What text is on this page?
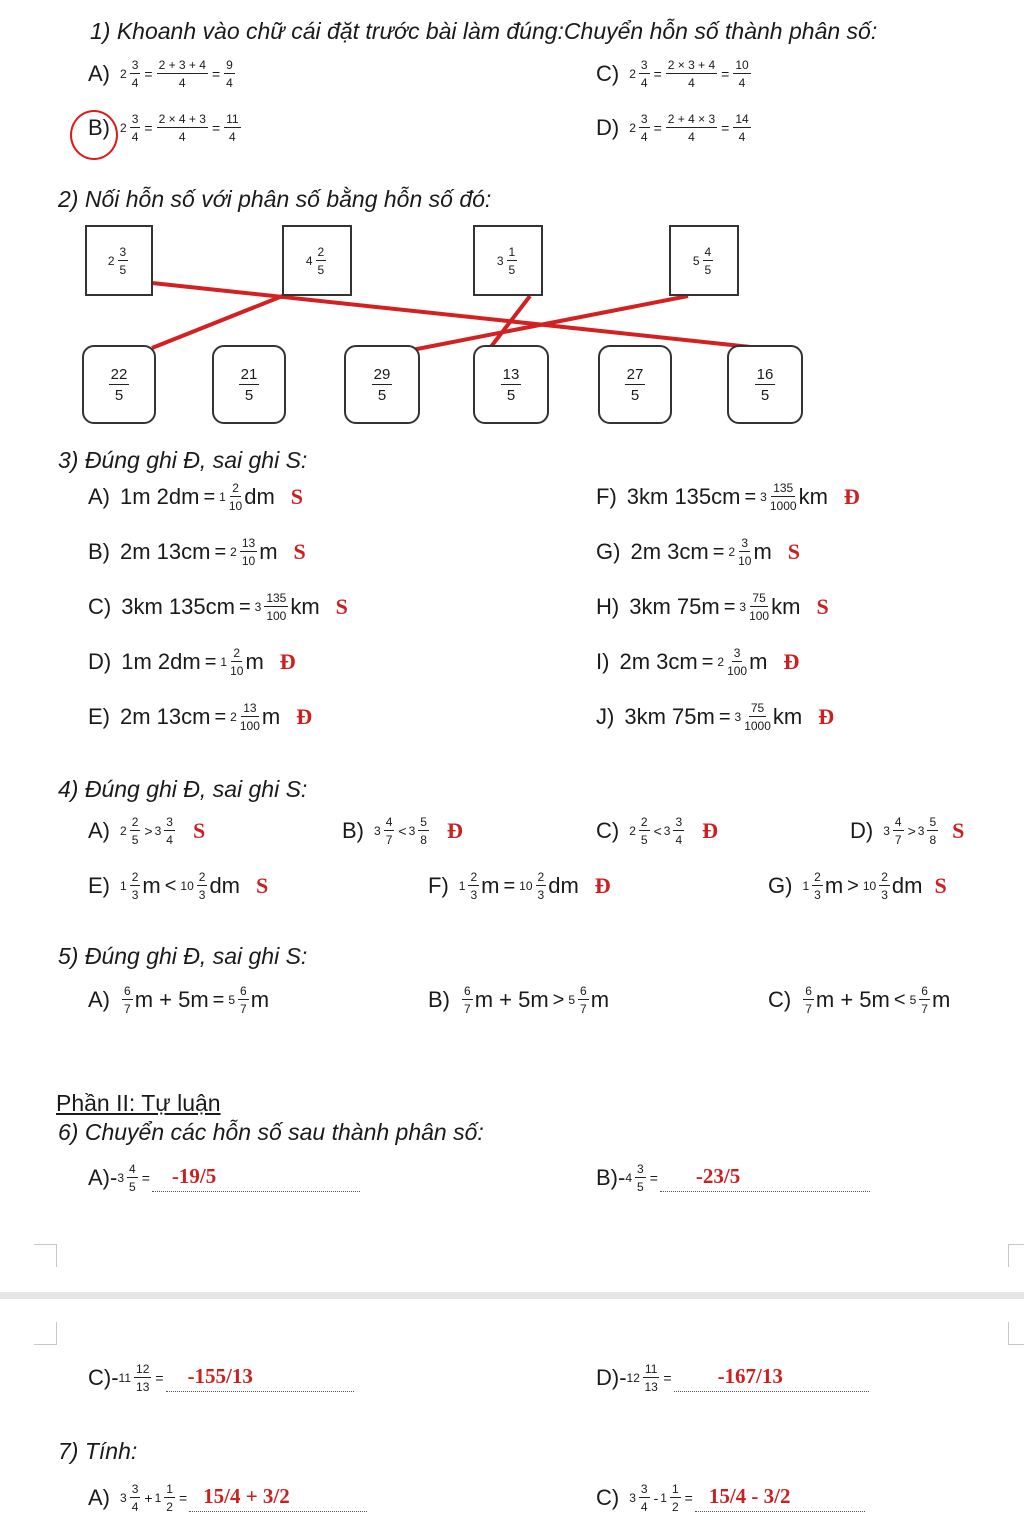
1) Khoanh vào chữ cái đặt trước bài làm đúng:Chuyển hỗn số thành phân số:
A) $2 \frac{3}{4} = \frac{2 + 3 + 4}{4} = \frac{9}{4}$
B) $2 \frac{3}{4} = \frac{2 \times 4 + 3}{4} = \frac{11}{4}$
C) $2 \frac{3}{4} = \frac{2 \times 3 + 4}{4} = \frac{10}{4}$
D) $2 \frac{3}{4} = \frac{2 + 4 \times 3}{4} = \frac{14}{4}$
2) Nối hỗn số với phân số bằng hỗn số đó:
2
3
5
4
2
5
3
1
5
5
4
5
22
5
21
5
29
5
13
5
27
5
16
5
3) Đúng ghi Đ, sai ghi S:
A) 1m 2dm = 1
2
10 dm S
B) 2m 13cm = 2
13
10 m S
C) 3km 135cm = 3
135
100 km S
D) 1m 2dm = 1
2
10 m Đ
E) 2m 13cm = 2
13
100 m Đ
F) 3km 135cm = 3
135
1000 km Đ
G) 2m 3cm = 2
3
10 m S
H) 3km 75m = 3
75
100 km S
I) 2m 3cm = 2
3
100 m Đ
J) 3km 75m = 3
75
1000 km Đ
4) Đúng ghi Đ, sai ghi S:
A) 2
2
5
> 3
3
4 S	B) 3
4
7
< 3
5
8 Đ	C) 2
2
5
< 3
3
4 Đ	D) 3
4
7
> 3
5
8 S
E) 1
2
3 m < 10
2
3 dm S	F) 1
2
3 m = 10
2
3 dm Đ	G) 1
2
3 m > 10
2
3 dm S
5) Đúng ghi Đ, sai ghi S:
A) 6
7 m + 5m = 5
6
7 m	B) 6
7 m + 5m > 5
6
7 m	C) 6
7 m + 5m < 5
6
7 m
Phần II: Tự luận
6) Chuyển các hỗn số sau thành phân số:
A)- $3 \frac{4}{5}$ =	-19/5	B)- $4 \frac{3}{5}$ =	-23/5
C)- $11 \frac{12}{13}$ =	-155/13	D)- $12 \frac{11}{13}$ =	-167/13
7) Tính:
A) 3
3
4
+ $1 \frac{1}{2} = 15/4 + 3/2$	C) 3
3
4
- $1 \frac{1}{2} = 15/4 - 3/2$
